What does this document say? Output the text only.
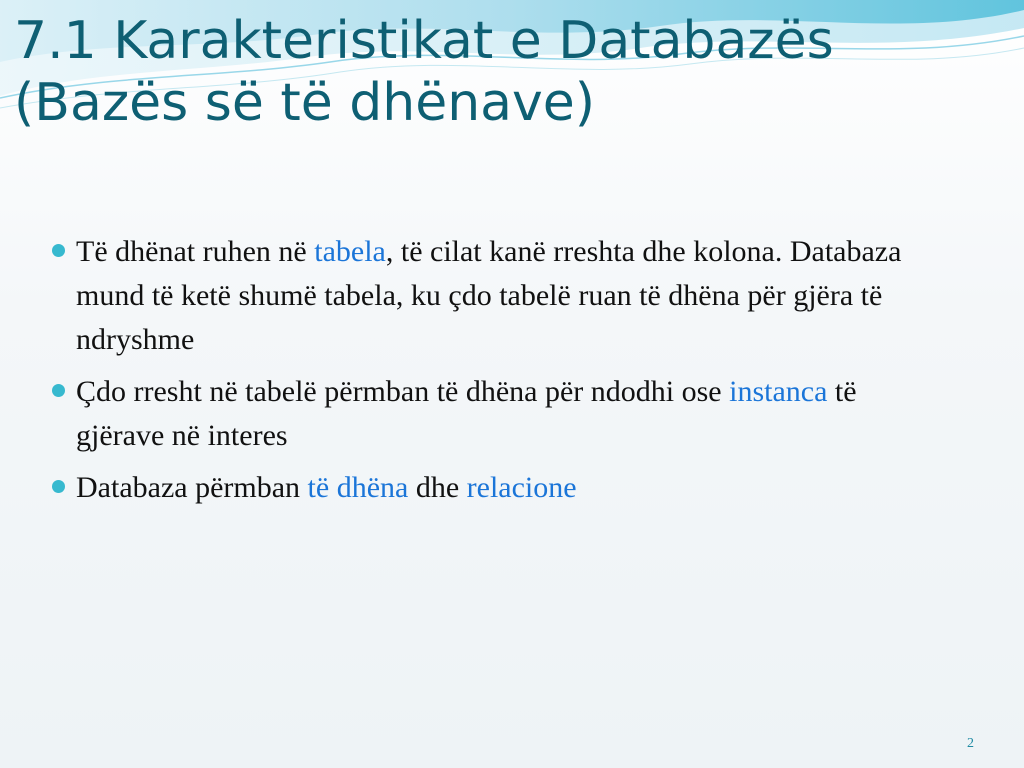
7.1 Karakteristikat e Databazës
(Bazës së të dhënave)
Të dhënat ruhen në tabela, të cilat kanë rreshta dhe kolona. Databaza mund të ketë shumë tabela, ku çdo tabelë ruan të dhëna për gjëra të ndryshme
Çdo rresht në tabelë përmban të dhëna për ndodhi ose instanca të gjërave në interes
Databaza përmban të dhëna dhe relacione
2
